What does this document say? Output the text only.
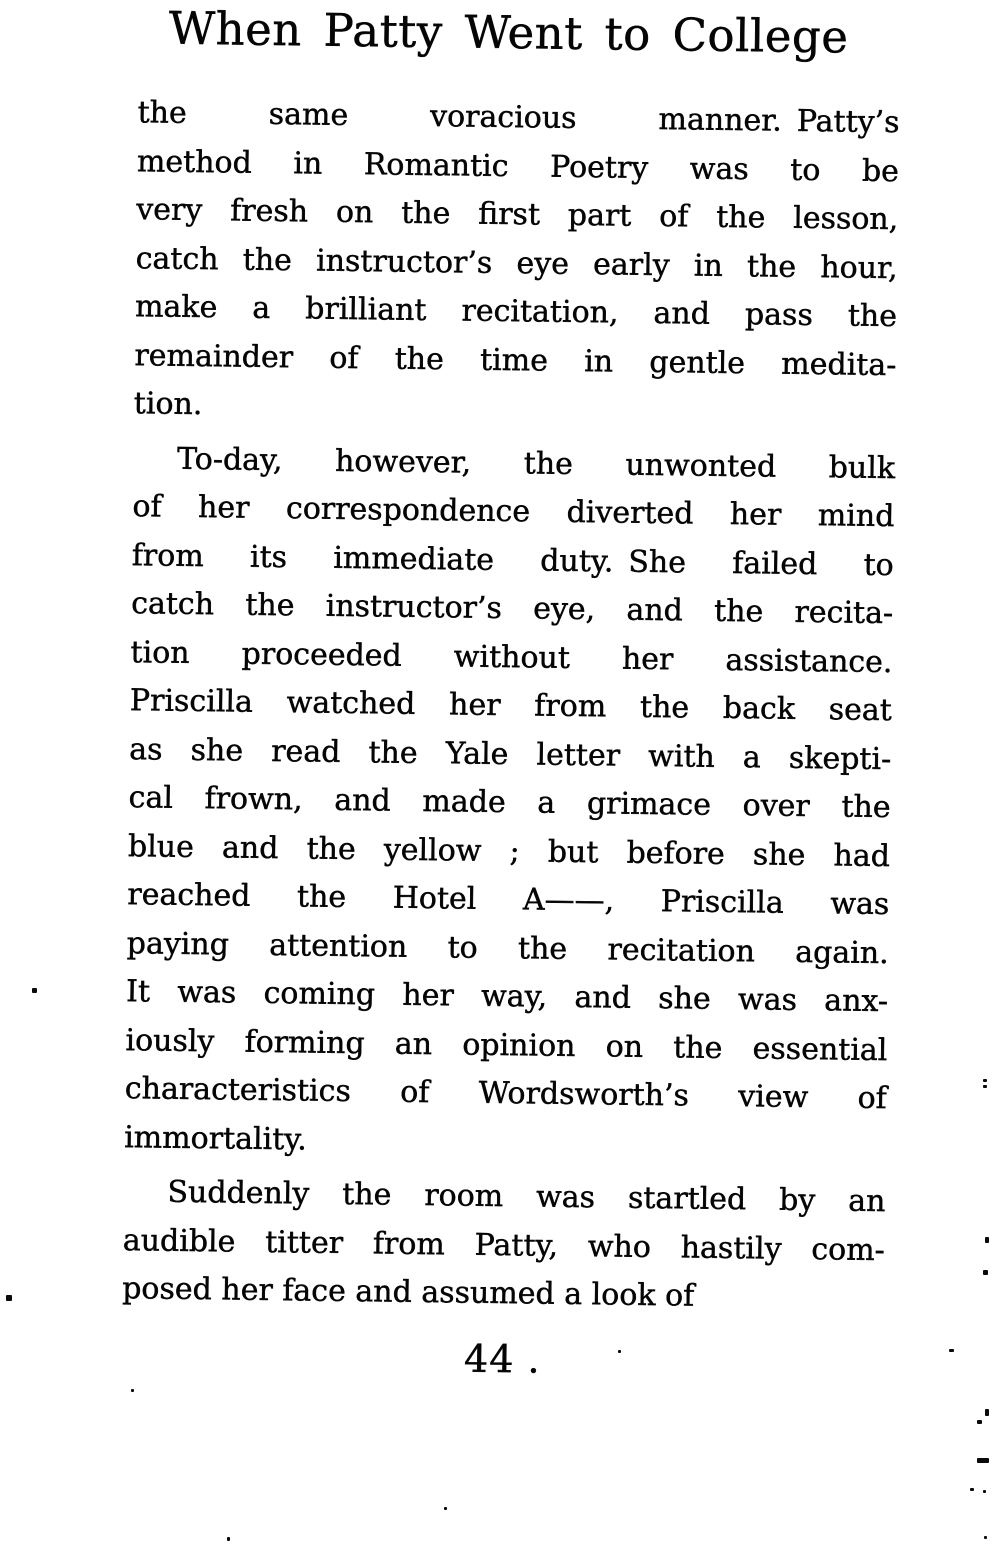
When Patty Went to College
the same voracious manner. Patty’s
method in Romantic Poetry was to be
very fresh on the first part of the lesson,
catch the instructor’s eye early in the hour,
make a brilliant recitation, and pass the
remainder of the time in gentle medita-
tion.
To-day, however, the unwonted bulk
of her correspondence diverted her mind
from its immediate duty. She failed to
catch the instructor’s eye, and the recita-
tion proceeded without her assistance.
Priscilla watched her from the back seat
as she read the Yale letter with a skepti-
cal frown, and made a grimace over the
blue and the yellow ; but before she had
reached the Hotel A——, Priscilla was
paying attention to the recitation again.
It was coming her way, and she was anx-
iously forming an opinion on the essential
characteristics of Wordsworth’s view of
immortality.
Suddenly the room was startled by an
audible titter from Patty, who hastily com-
posed her face and assumed a look of
44 .
